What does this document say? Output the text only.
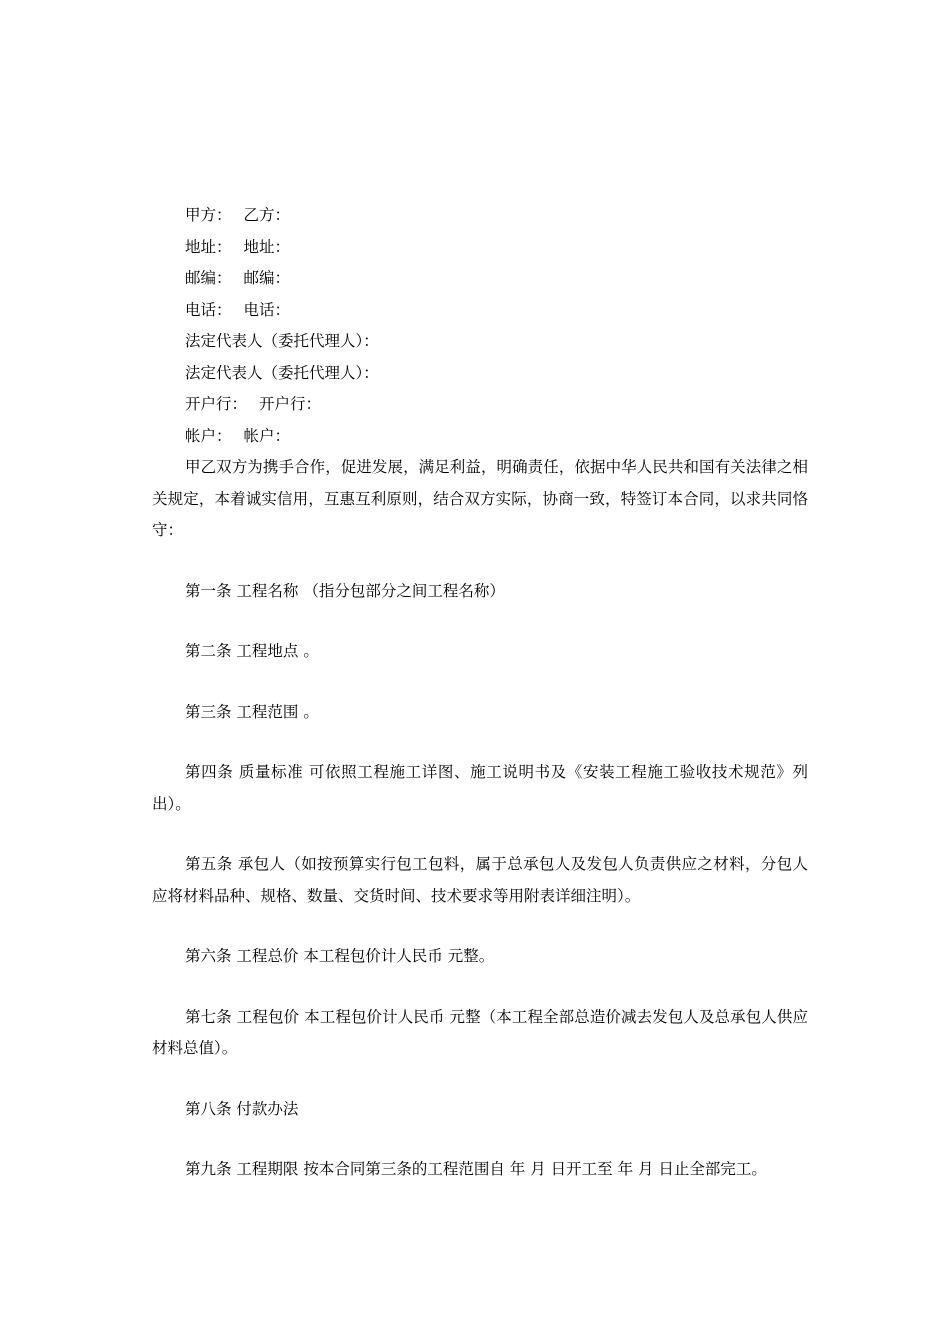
甲方： 乙方：
地址： 地址：
邮编： 邮编：
电话： 电话：
法定代表人（委托代理人）：
法定代表人（委托代理人）：
开户行： 开户行：
帐户： 帐户：

甲乙双方为携手合作，促进发展，满足利益，明确责任，依据中华人民共和国有关法律之相关规定，本着诚实信用，互惠互利原则，结合双方实际，协商一致，特签订本合同，以求共同恪守：

第一条 工程名称 （指分包部分之间工程名称）

第二条 工程地点 。

第三条 工程范围 。

第四条 质量标准 可依照工程施工详图、施工说明书及《安装工程施工验收技术规范》列出）。

第五条 承包人（如按预算实行包工包料，属于总承包人及发包人负责供应之材料，分包人应将材料品种、规格、数量、交货时间、技术要求等用附表详细注明）。

第六条 工程总价 本工程包价计人民币 元整。

第七条 工程包价 本工程包价计人民币 元整（本工程全部总造价减去发包人及总承包人供应材料总值）。

第八条 付款办法

第九条 工程期限 按本合同第三条的工程范围自 年 月 日开工至 年 月 日止全部完工。
